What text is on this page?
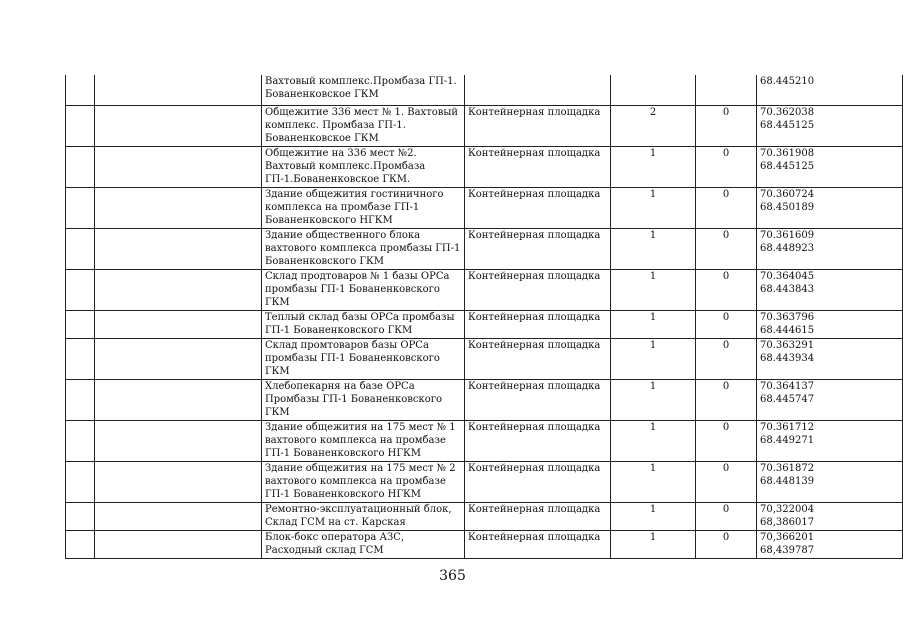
		Вахтовый комплекс.Промбаза ГП-1. Бованенковское ГКМ				68.445210

		Общежитие 336 мест № 1. Вахтовый комплекс. Промбаза ГП-1. Бованенковское ГКМ	Контейнерная площадка	2	0	70.362038
68.445125

		Общежитие на 336 мест №2. Вахтовый комплекс.Промбаза ГП-1.Бованенковское ГКМ.	Контейнерная площадка	1	0	70.361908
68.445125

		Здание общежития гостиничного комплекса на промбазе ГП-1 Бованенковского НГКМ	Контейнерная площадка	1	0	70.360724
68.450189

		Здание общественного блока вахтового комплекса промбазы ГП-1 Бованенковского ГКМ	Контейнерная площадка	1	0	70.361609
68.448923

		Склад продтоваров № 1 базы ОРСа промбазы ГП-1 Бованенковского ГКМ	Контейнерная площадка	1	0	70.364045
68.443843

		Теплый склад базы ОРСа промбазы ГП-1 Бованенковского ГКМ	Контейнерная площадка	1	0	70.363796
68.444615

		Склад промтоваров базы ОРСа промбазы ГП-1 Бованенковского ГКМ	Контейнерная площадка	1	0	70.363291
68.443934

		Хлебопекарня на базе ОРСа Промбазы ГП-1 Бованенковского ГКМ	Контейнерная площадка	1	0	70.364137
68.445747

		Здание общежития на 175 мест № 1 вахтового комплекса на промбазе ГП-1 Бованенковского НГКМ	Контейнерная площадка	1	0	70.361712
68.449271

		Здание общежития на 175 мест № 2 вахтового комплекса на промбазе ГП-1 Бованенковского НГКМ	Контейнерная площадка	1	0	70.361872
68.448139

		Ремонтно-эксплуатационный блок, Склад ГСМ на ст. Карская	Контейнерная площадка	1	0	70,322004
68,386017

		Блок-бокс оператора АЗС, Расходный склад ГСМ	Контейнерная площадка	1	0	70,366201
68,439787
365
